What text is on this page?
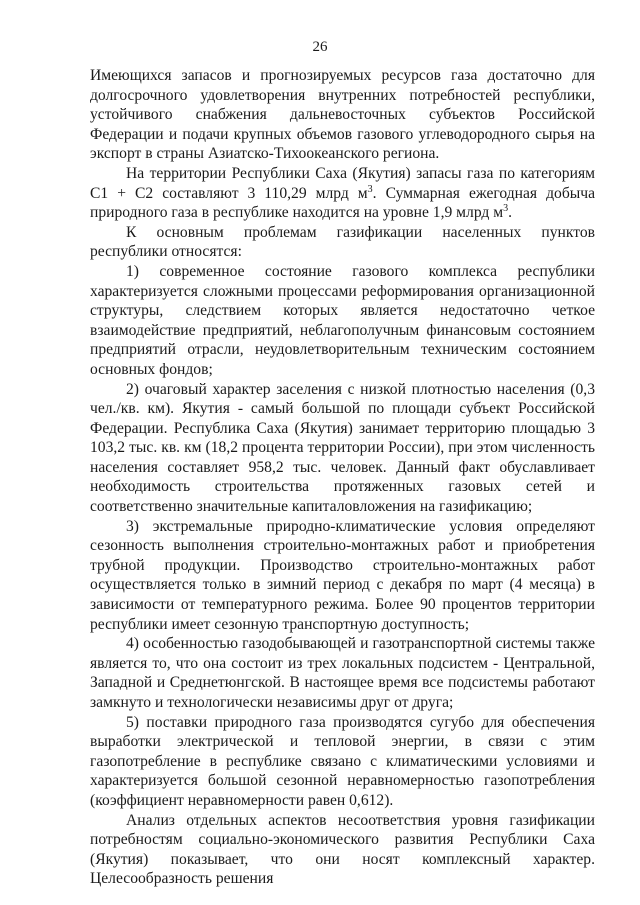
26

Имеющихся запасов и прогнозируемых ресурсов газа достаточно для долгосрочного удовлетворения внутренних потребностей республики, устойчивого снабжения дальневосточных субъектов Российской Федерации и подачи крупных объемов газового углеводородного сырья на экспорт в страны Азиатско-Тихоокеанского региона.

На территории Республики Саха (Якутия) запасы газа по категориям С1 + С2 составляют 3 110,29 млрд $м^3$. Суммарная ежегодная добыча природного газа в республике находится на уровне 1,9 млрд $м^3$.

К основным проблемам газификации населенных пунктов республики относятся:

1) современное состояние газового комплекса республики характеризуется сложными процессами реформирования организационной структуры, следствием которых является недостаточно четкое взаимодействие предприятий, неблагополучным финансовым состоянием предприятий отрасли, неудовлетворительным техническим состоянием основных фондов;

2) очаговый характер заселения с низкой плотностью населения (0,3 чел./кв. км). Якутия - самый большой по площади субъект Российской Федерации. Республика Саха (Якутия) занимает территорию площадью 3 103,2 тыс. кв. км (18,2 процента территории России), при этом численность населения составляет 958,2 тыс. человек. Данный факт обуславливает необходимость строительства протяженных газовых сетей и соответственно значительные капиталовложения на газификацию;

3) экстремальные природно-климатические условия определяют сезонность выполнения строительно-монтажных работ и приобретения трубной продукции. Производство строительно-монтажных работ осуществляется только в зимний период с декабря по март (4 месяца) в зависимости от температурного режима. Более 90 процентов территории республики имеет сезонную транспортную доступность;

4) особенностью газодобывающей и газотранспортной системы также является то, что она состоит из трех локальных подсистем - Центральной, Западной и Среднетюнгской. В настоящее время все подсистемы работают замкнуто и технологически независимы друг от друга;

5) поставки природного газа производятся сугубо для обеспечения выработки электрической и тепловой энергии, в связи с этим газопотребление в республике связано с климатическими условиями и характеризуется большой сезонной неравномерностью газопотребления (коэффициент неравномерности равен 0,612).

Анализ отдельных аспектов несоответствия уровня газификации потребностям социально-экономического развития Республики Саха (Якутия) показывает, что они носят комплексный характер. Целесообразность решения
